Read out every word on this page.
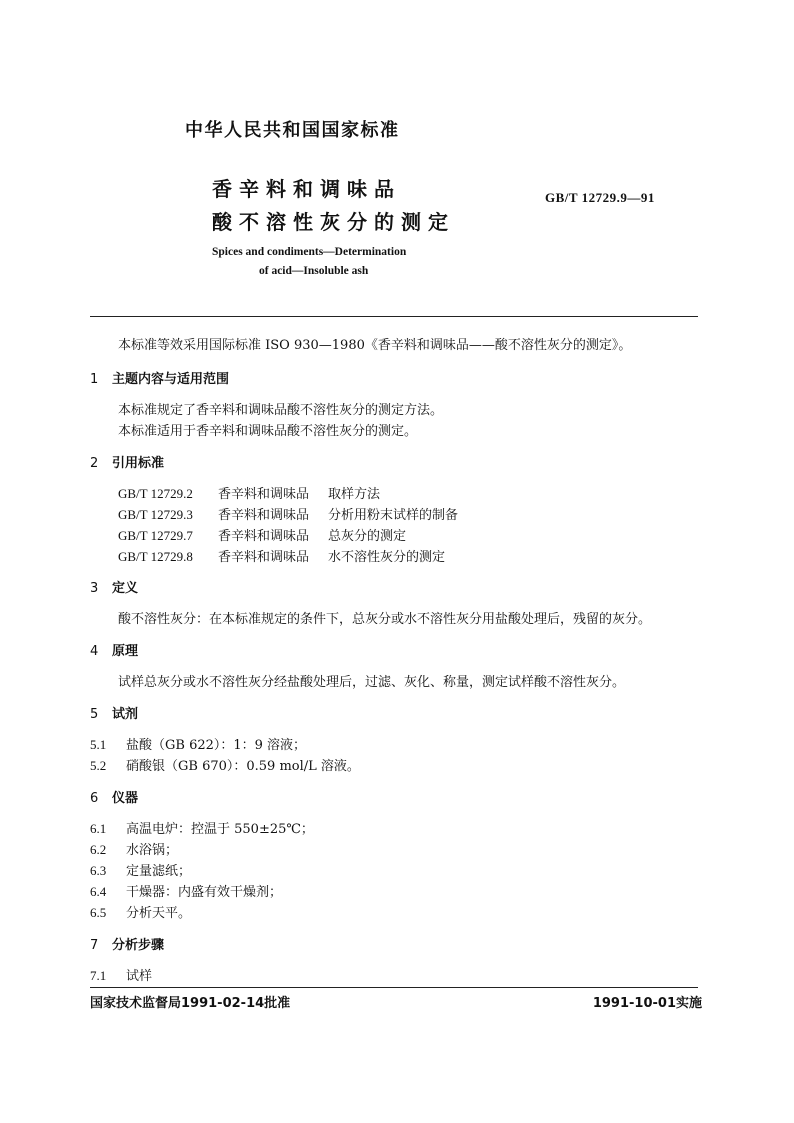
中华人民共和国国家标准
香辛料和调味品
酸不溶性灰分的测定
GB/T 12729.9—91
Spices and condiments—Determination
of acid—Insoluble ash
本标准等效采用国际标准 ISO 930—1980《香辛料和调味品——酸不溶性灰分的测定》。
1 主题内容与适用范围
本标准规定了香辛料和调味品酸不溶性灰分的测定方法。
本标准适用于香辛料和调味品酸不溶性灰分的测定。
2 引用标准
GB/T 12729.2 香辛料和调味品 取样方法
GB/T 12729.3 香辛料和调味品 分析用粉末试样的制备
GB/T 12729.7 香辛料和调味品 总灰分的测定
GB/T 12729.8 香辛料和调味品 水不溶性灰分的测定
3 定义
酸不溶性灰分：在本标准规定的条件下，总灰分或水不溶性灰分用盐酸处理后，残留的灰分。
4 原理
试样总灰分或水不溶性灰分经盐酸处理后，过滤、灰化、称量，测定试样酸不溶性灰分。
5 试剂
5.1 盐酸（GB 622）：1：9 溶液；
5.2 硝酸银（GB 670）：0.59 mol/L 溶液。
6 仪器
6.1 高温电炉：控温于 550±25℃；
6.2 水浴锅；
6.3 定量滤纸；
6.4 干燥器：内盛有效干燥剂；
6.5 分析天平。
7 分析步骤
7.1 试样
国家技术监督局1991-02-14批准	1991-10-01实施
